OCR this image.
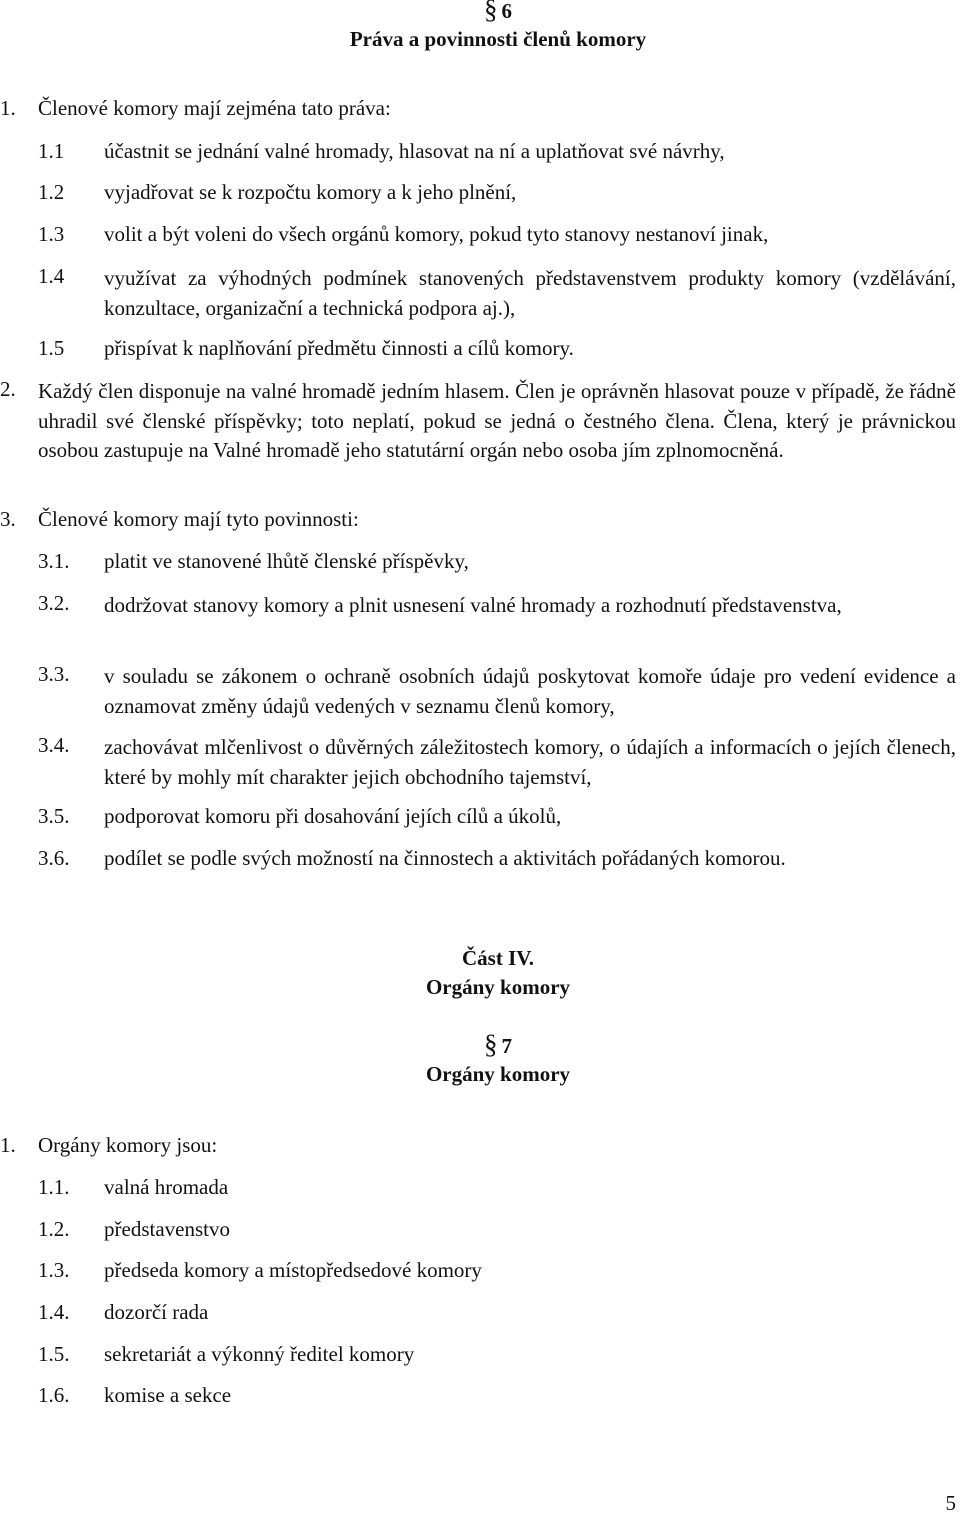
§ 6
Práva a povinnosti členů komory
1. Členové komory mají zejména tato práva:
1.1 účastnit se jednání valné hromady, hlasovat na ní a uplatňovat své návrhy,
1.2 vyjadřovat se k rozpočtu komory a k jeho plnění,
1.3 volit a být voleni do všech orgánů komory, pokud tyto stanovy nestanoví jinak,
1.4 využívat za výhodných podmínek stanovených představenstvem produkty komory (vzdělávání, konzultace, organizační a technická podpora aj.),
1.5 přispívat k naplňování předmětu činnosti a cílů komory.
2. Každý člen disponuje na valné hromadě jedním hlasem. Člen je oprávněn hlasovat pouze v případě, že řádně uhradil své členské příspěvky; toto neplatí, pokud se jedná o čestného člena. Člena, který je právnickou osobou zastupuje na Valné hromadě jeho statutární orgán nebo osoba jím zplnomocněná.
3. Členové komory mají tyto povinnosti:
3.1. platit ve stanovené lhůtě členské příspěvky,
3.2. dodržovat stanovy komory a plnit usnesení valné hromady a rozhodnutí představenstva,
3.3. v souladu se zákonem o ochraně osobních údajů poskytovat komoře údaje pro vedení evidence a oznamovat změny údajů vedených v seznamu členů komory,
3.4. zachovávat mlčenlivost o důvěrných záležitostech komory, o údajích a informacích o jejích členech, které by mohly mít charakter jejich obchodního tajemství,
3.5. podporovat komoru při dosahování jejích cílů a úkolů,
3.6. podílet se podle svých možností na činnostech a aktivitách pořádaných komorou.
Část IV.
Orgány komory
§ 7
Orgány komory
1. Orgány komory jsou:
1.1. valná hromada
1.2. představenstvo
1.3. předseda komory a místopředsedové komory
1.4. dozorčí rada
1.5. sekretariát a výkonný ředitel komory
1.6. komise a sekce
5
